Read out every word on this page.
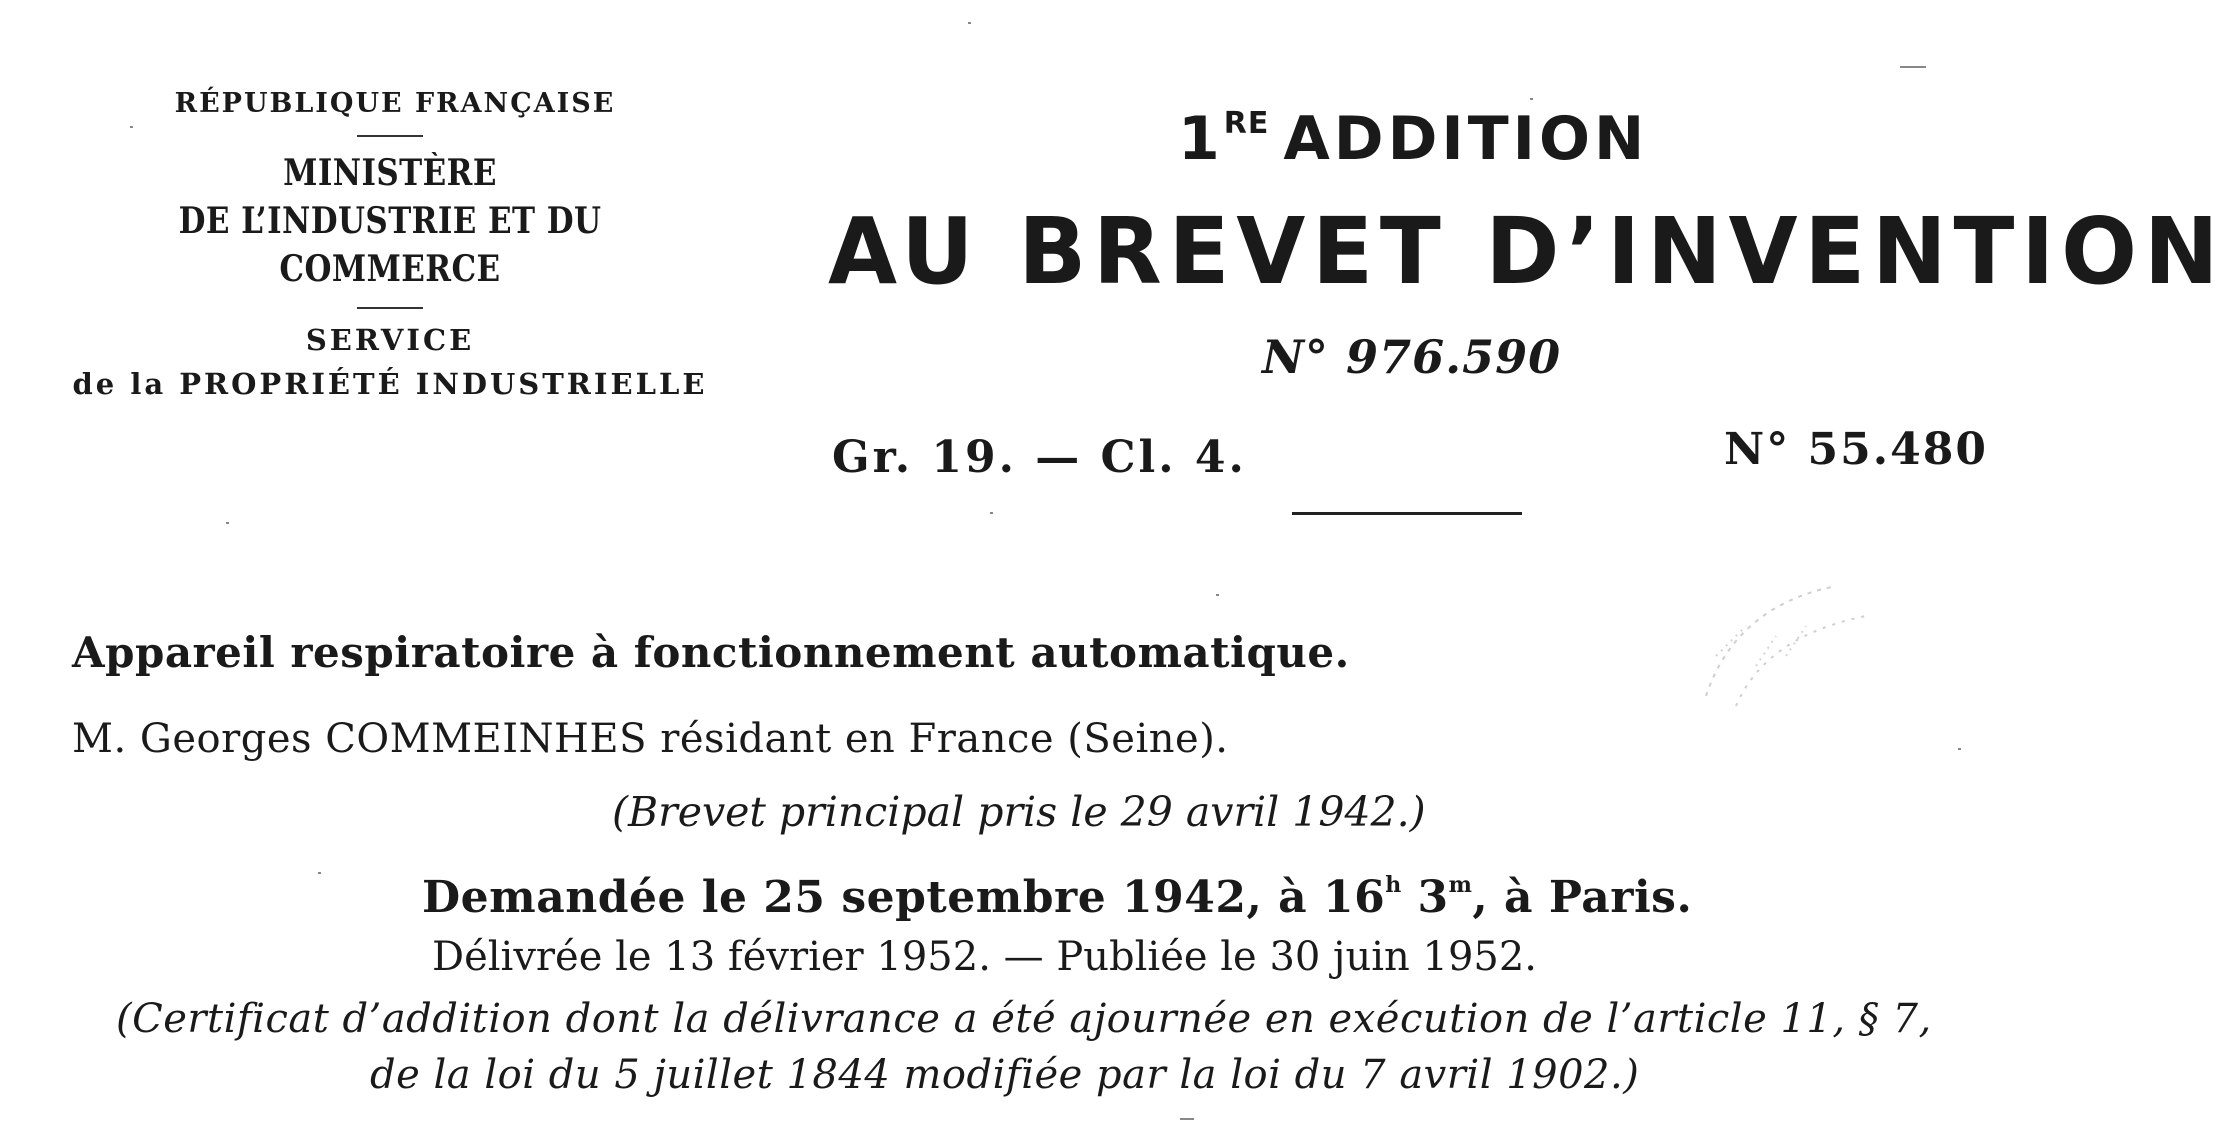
RÉPUBLIQUE FRANÇAISE
MINISTÈRE
DE L’INDUSTRIE ET DU COMMERCE
SERVICE
de la PROPRIÉTÉ INDUSTRIELLE
1RE ADDITION
AU BREVET D’INVENTION
N° 976.590
Gr. 19. — Cl. 4.	N° 55.480
Appareil respiratoire à fonctionnement automatique.
M. Georges COMMEINHES résidant en France (Seine).
(Brevet principal pris le 29 avril 1942.)
Demandée le 25 septembre 1942, à 16$^h$ 3$^m$, à Paris.
Délivrée le 13 février 1952. — Publiée le 30 juin 1952.
(Certificat d’addition dont la délivrance a été ajournée en exécution de l’article 11, § 7,
de la loi du 5 juillet 1844 modifiée par la loi du 7 avril 1902.)
